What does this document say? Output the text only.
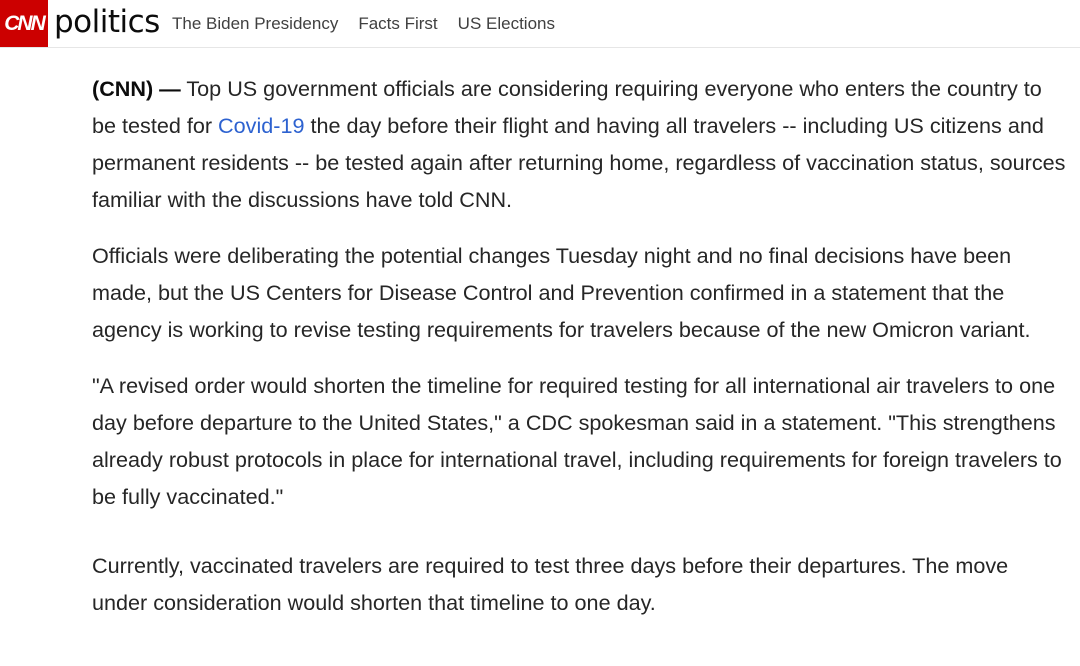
CNN politics The Biden Presidency Facts First US Elections

(CNN) — Top US government officials are considering requiring everyone who enters the country to be tested for Covid-19 the day before their flight and having all travelers -- including US citizens and permanent residents -- be tested again after returning home, regardless of vaccination status, sources familiar with the discussions have told CNN.

Officials were deliberating the potential changes Tuesday night and no final decisions have been made, but the US Centers for Disease Control and Prevention confirmed in a statement that the agency is working to revise testing requirements for travelers because of the new Omicron variant.

"A revised order would shorten the timeline for required testing for all international air travelers to one day before departure to the United States," a CDC spokesman said in a statement. "This strengthens already robust protocols in place for international travel, including requirements for foreign travelers to be fully vaccinated."

Currently, vaccinated travelers are required to test three days before their departures. The move under consideration would shorten that timeline to one day.
